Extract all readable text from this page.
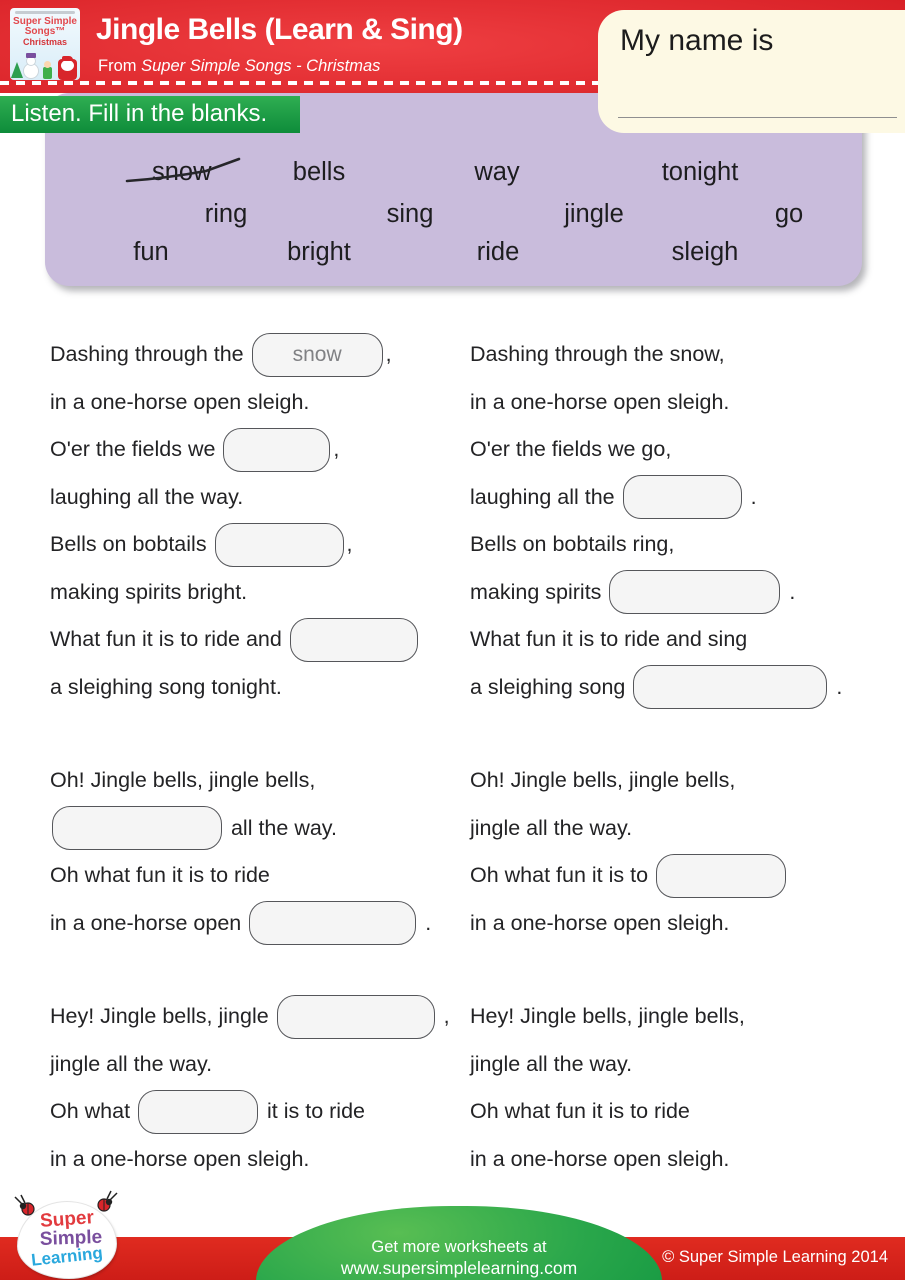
Super Simple
Songs™
Christmas Jingle Bells (Learn & Sing)
From Super Simple Songs - Christmas
My name is
snow	bells	way	tonight
ring	sing	jingle	go
fun	bright	ride	sleigh
Listen. Fill in the blanks.
Dashing through the	snow	,
in a one-horse open sleigh.
O'er the fields we	,
laughing all the way.
Bells on bobtails	,
making spirits bright.
What fun it is to ride and
a sleighing song tonight.
Oh! Jingle bells, jingle bells,
all the way.
Oh what fun it is to ride
in a one-horse open	.
Hey! Jingle bells, jingle	,
jingle all the way.
Oh what	it is to ride
in a one-horse open sleigh.
Dashing through the snow,
in a one-horse open sleigh.
O'er the fields we go,
laughing all the	.
Bells on bobtails ring,
making spirits	.
What fun it is to ride and sing
a sleighing song	.
Oh! Jingle bells, jingle bells,
jingle all the way.
Oh what fun it is to
in a one-horse open sleigh.
Hey! Jingle bells, jingle bells,
jingle all the way.
Oh what fun it is to ride
in a one-horse open sleigh.
Get more worksheets at
www.supersimplelearning.com
© Super Simple Learning 2014
Super
Simple
Learning
